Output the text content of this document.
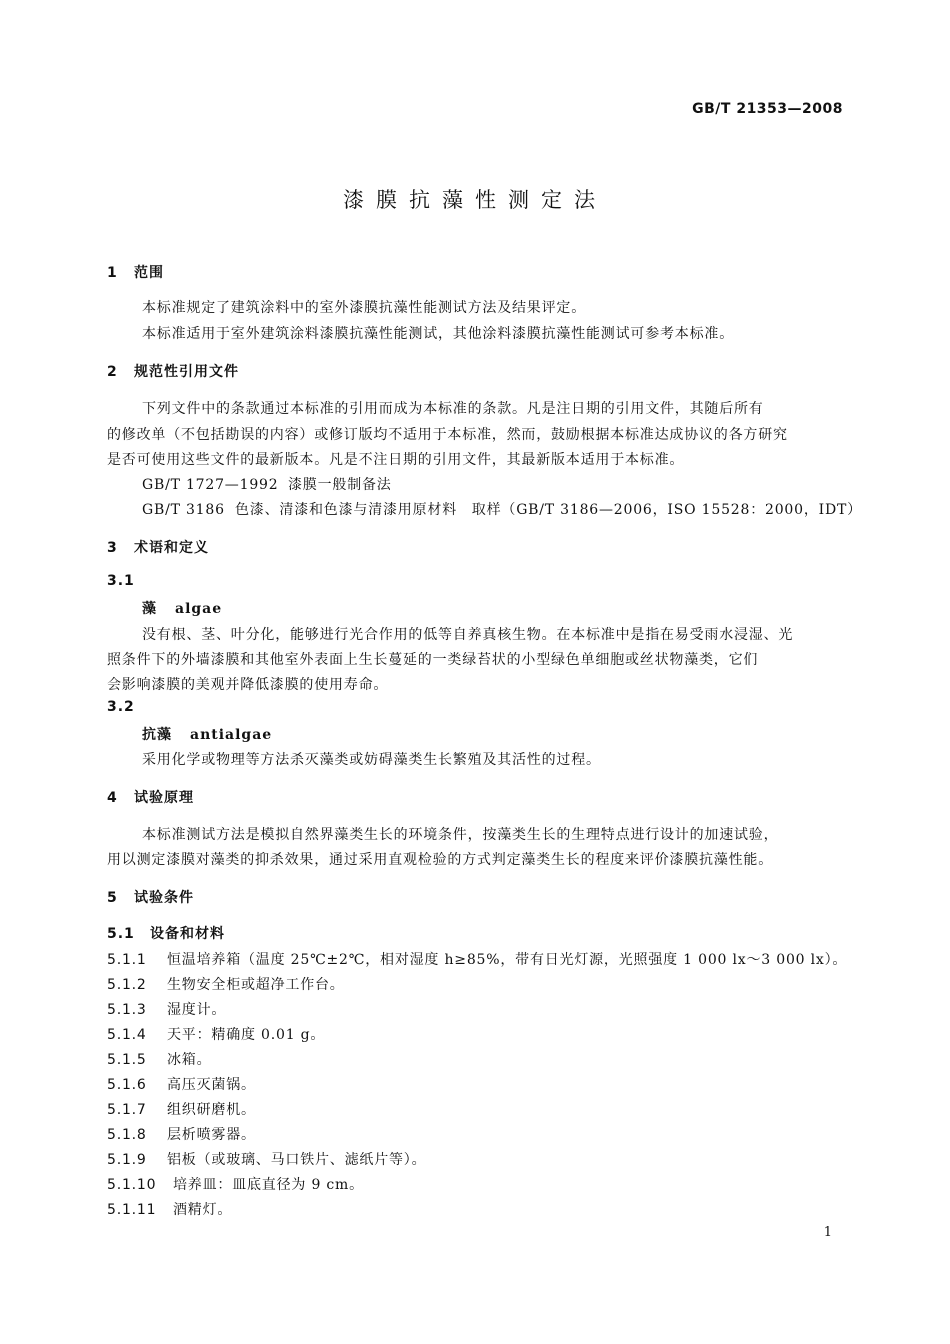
GB/T 21353—2008
漆膜抗藻性测定法
1 范围
本标准规定了建筑涂料中的室外漆膜抗藻性能测试方法及结果评定。
本标准适用于室外建筑涂料漆膜抗藻性能测试，其他涂料漆膜抗藻性能测试可参考本标准。
2 规范性引用文件
下列文件中的条款通过本标准的引用而成为本标准的条款。凡是注日期的引用文件，其随后所有
的修改单（不包括勘误的内容）或修订版均不适用于本标准，然而，鼓励根据本标准达成协议的各方研究
是否可使用这些文件的最新版本。凡是不注日期的引用文件，其最新版本适用于本标准。
GB/T 1727—1992 漆膜一般制备法
GB/T 3186 色漆、清漆和色漆与清漆用原材料　取样（GB/T 3186—2006，ISO 15528：2000，IDT）
3 术语和定义
3.1
藻 algae
没有根、茎、叶分化，能够进行光合作用的低等自养真核生物。在本标准中是指在易受雨水浸湿、光
照条件下的外墙漆膜和其他室外表面上生长蔓延的一类绿苔状的小型绿色单细胞或丝状物藻类，它们
会影响漆膜的美观并降低漆膜的使用寿命。
3.2
抗藻 antialgae
采用化学或物理等方法杀灭藻类或妨碍藻类生长繁殖及其活性的过程。
4 试验原理
本标准测试方法是模拟自然界藻类生长的环境条件，按藻类生长的生理特点进行设计的加速试验，
用以测定漆膜对藻类的抑杀效果，通过采用直观检验的方式判定藻类生长的程度来评价漆膜抗藻性能。
5 试验条件
5.1 设备和材料
5.1.1 恒温培养箱（温度 25℃±2℃，相对湿度 h≥85%，带有日光灯源，光照强度 1 000 lx～3 000 lx）。
5.1.2 生物安全柜或超净工作台。
5.1.3 湿度计。
5.1.4 天平：精确度 0.01 g。
5.1.5 冰箱。
5.1.6 高压灭菌锅。
5.1.7 组织研磨机。
5.1.8 层析喷雾器。
5.1.9 铝板（或玻璃、马口铁片、滤纸片等）。
5.1.10 培养皿：皿底直径为 9 cm。
5.1.11 酒精灯。
1
